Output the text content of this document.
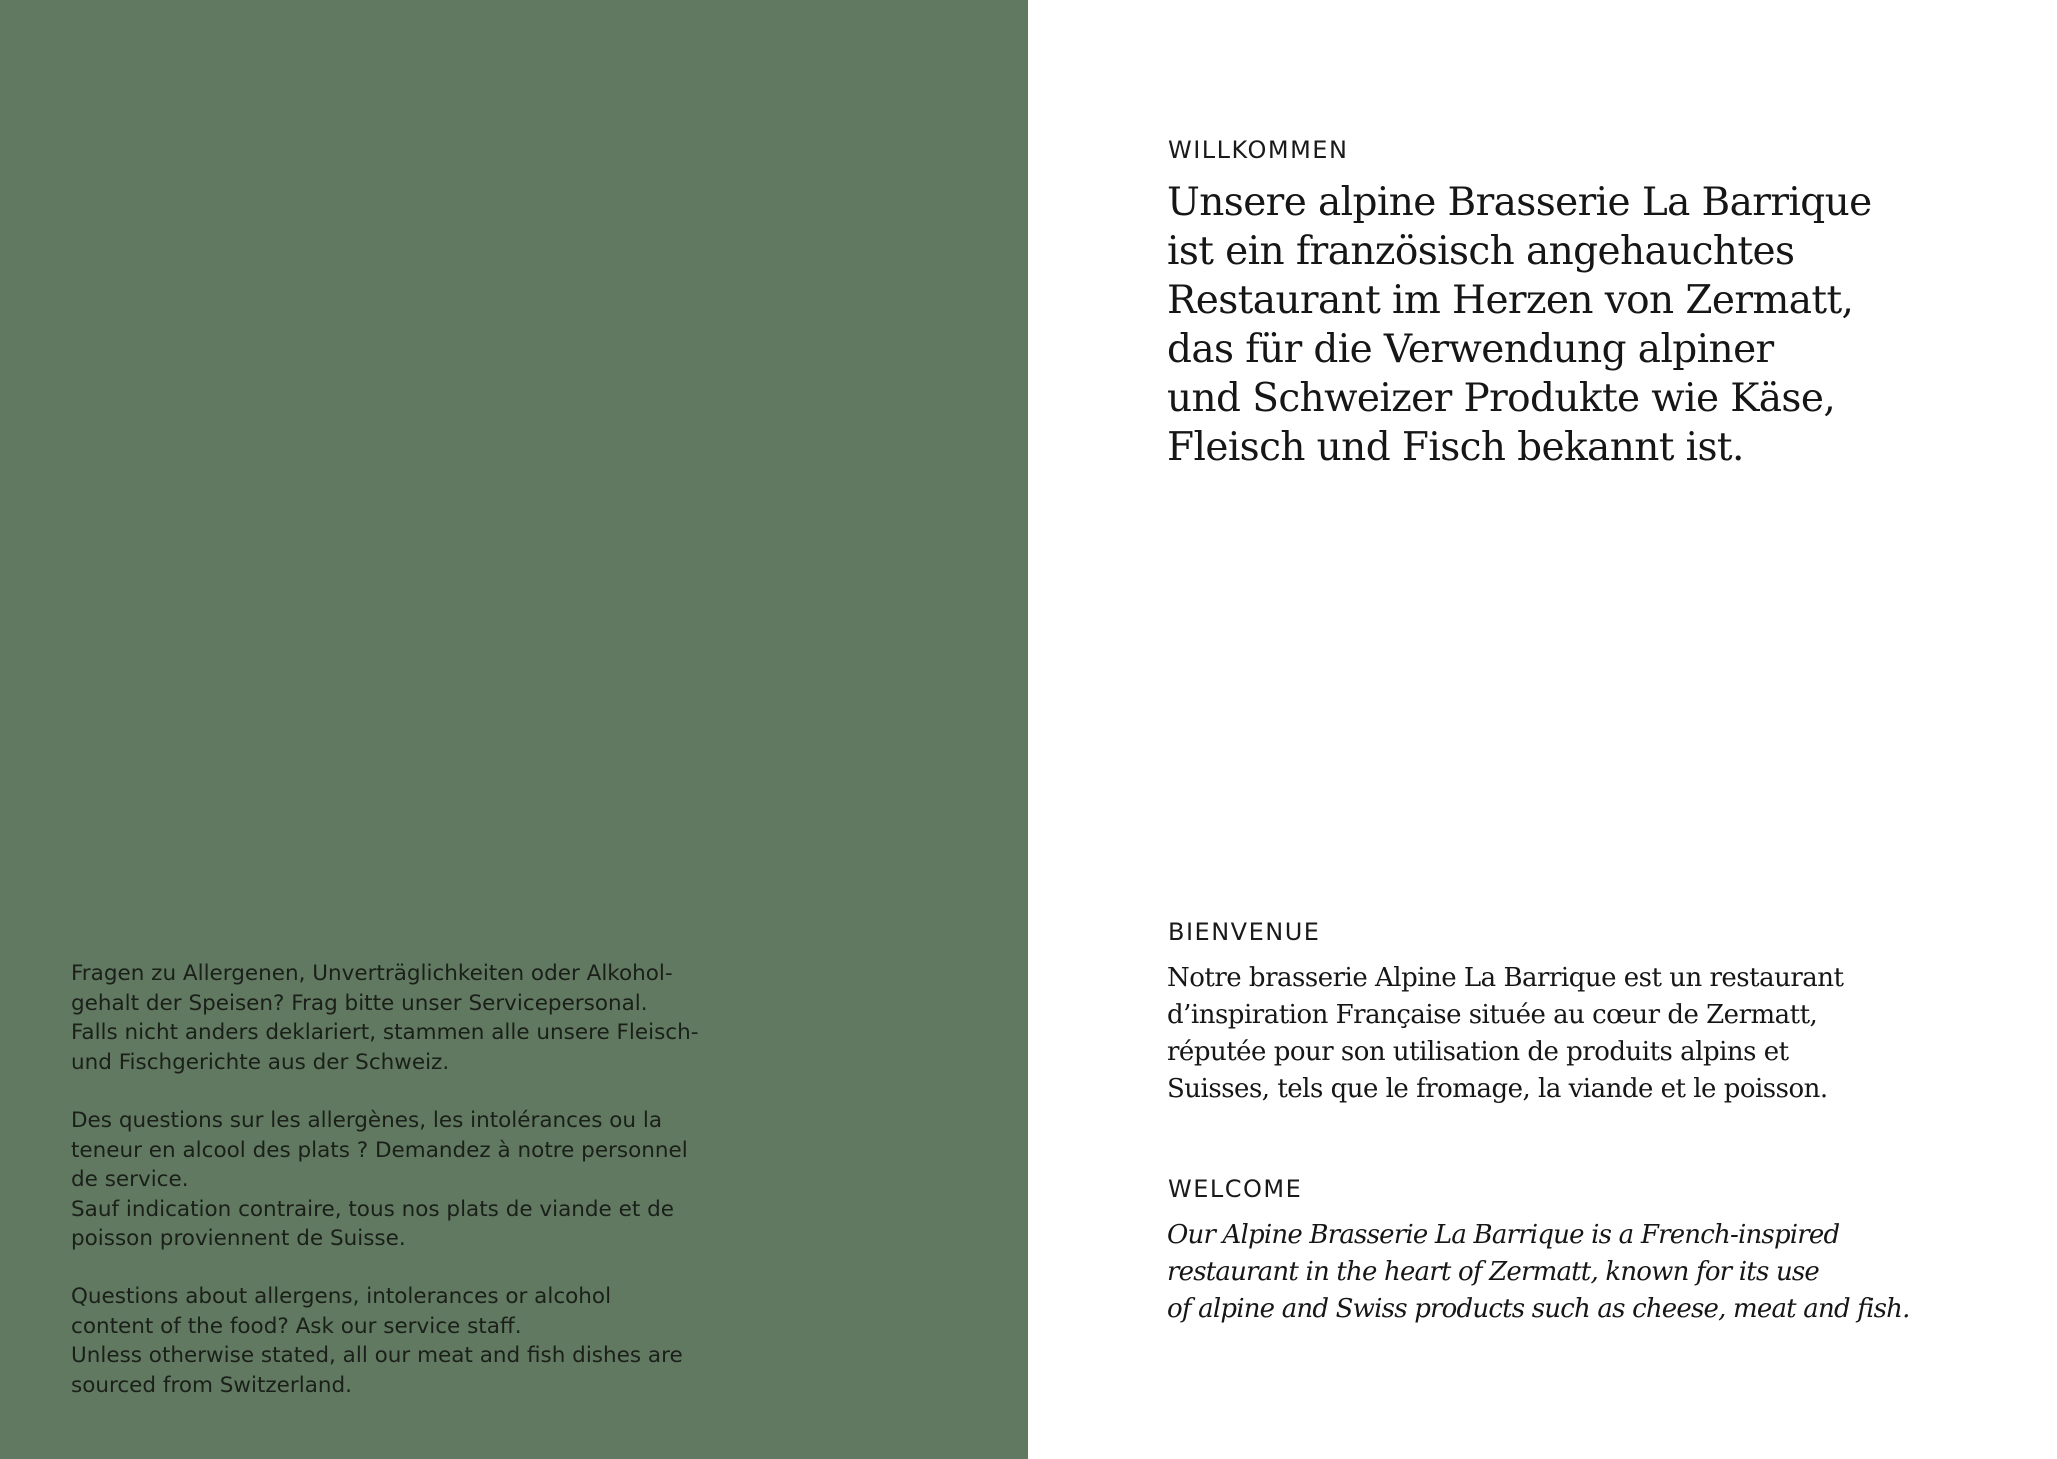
Fragen zu Allergenen, Unverträglichkeiten oder Alkohol-
gehalt der Speisen? Frag bitte unser Servicepersonal.
Falls nicht anders deklariert, stammen alle unsere Fleisch-
und Fischgerichte aus der Schweiz.

Des questions sur les allergènes, les intolérances ou la
teneur en alcool des plats ? Demandez à notre personnel
de service.
Sauf indication contraire, tous nos plats de viande et de
poisson proviennent de Suisse.

Questions about allergens, intolerances or alcohol
content of the food? Ask our service staff.
Unless otherwise stated, all our meat and fish dishes are
sourced from Switzerland.

WILLKOMMEN

Unsere alpine Brasserie La Barrique
ist ein französisch angehauchtes
Restaurant im Herzen von Zermatt,
das für die Verwendung alpiner
und Schweizer Produkte wie Käse,
Fleisch und Fisch bekannt ist.

BIENVENUE

Notre brasserie Alpine La Barrique est un restaurant
d’inspiration Française située au cœur de Zermatt,
réputée pour son utilisation de produits alpins et
Suisses, tels que le fromage, la viande et le poisson.

WELCOME

Our Alpine Brasserie La Barrique is a French-inspired
restaurant in the heart of Zermatt, known for its use
of alpine and Swiss products such as cheese, meat and fish.
